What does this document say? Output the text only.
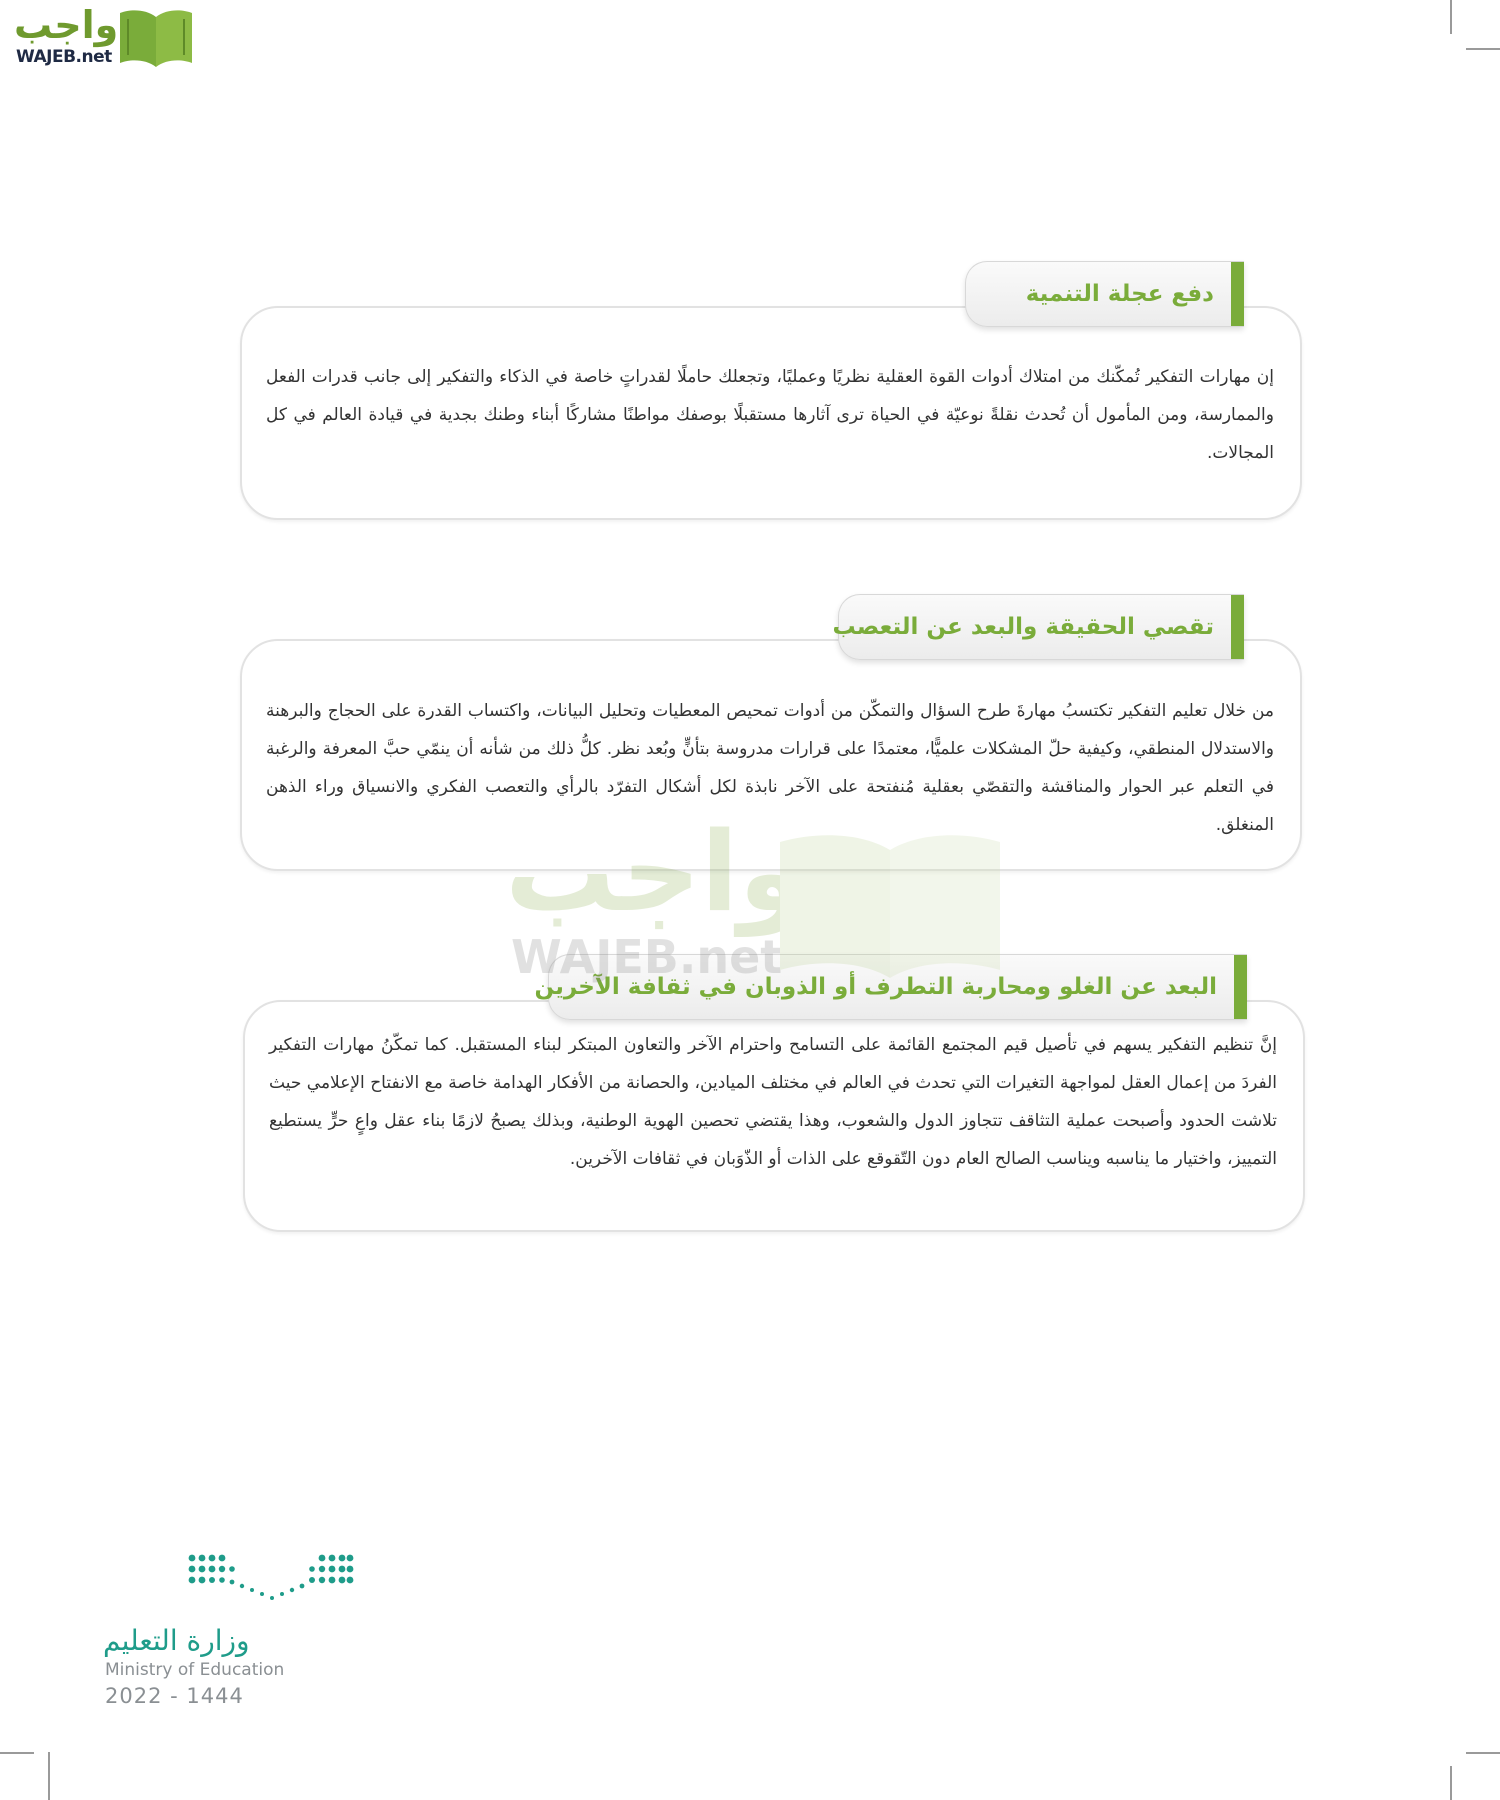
واجب
WAJEB.net
دفع عجلة التنمية
إن مهارات التفكير تُمكّنك من امتلاك أدوات القوة العقلية نظريًا وعمليًا، وتجعلك حاملًا لقدراتٍ خاصة في الذكاء والتفكير إلى جانب قدرات الفعل والممارسة، ومن المأمول أن تُحدث نقلةً نوعيّة في الحياة ترى آثارها مستقبلًا بوصفك مواطنًا مشاركًا أبناء وطنك بجدية في قيادة العالم في كل المجالات.
تقصي الحقيقة والبعد عن التعصب
من خلال تعليم التفكير تكتسبُ مهارةَ طرح السؤال والتمكّن من أدوات تمحيص المعطيات وتحليل البيانات، واكتساب القدرة على الحجاج والبرهنة والاستدلال المنطقي، وكيفية حلّ المشكلات علميًّا، معتمدًا على قرارات مدروسة بتأنٍّ وبُعد نظر. كلُّ ذلك من شأنه أن ينمّي حبَّ المعرفة والرغبة في التعلم عبر الحوار والمناقشة والتقصّي بعقلية مُنفتحة على الآخر نابذة لكل أشكال التفرّد بالرأي والتعصب الفكري والانسياق وراء الذهن المنغلق.
البعد عن الغلو ومحاربة التطرف أو الذوبان في ثقافة الآخرين
إنَّ تنظيم التفكير يسهم في تأصيل قيم المجتمع القائمة على التسامح واحترام الآخر والتعاون المبتكر لبناء المستقبل. كما تمكّنُ مهارات التفكير الفردَ من إعمال العقل لمواجهة التغيرات التي تحدث في العالم في مختلف الميادين، والحصانة من الأفكار الهدامة خاصة مع الانفتاح الإعلامي حيث تلاشت الحدود وأصبحت عملية التثاقف تتجاوز الدول والشعوب، وهذا يقتضي تحصين الهوية الوطنية، وبذلك يصبحُ لازمًا بناء عقل واعٍ حرٍّ يستطيع التمييز، واختيار ما يناسبه ويناسب الصالح العام دون التّقوقع على الذات أو الذّوَبان في ثقافات الآخرين.
واجب
WAJEB.net
وزارة التعليم
Ministry of Education
2022 - 1444
